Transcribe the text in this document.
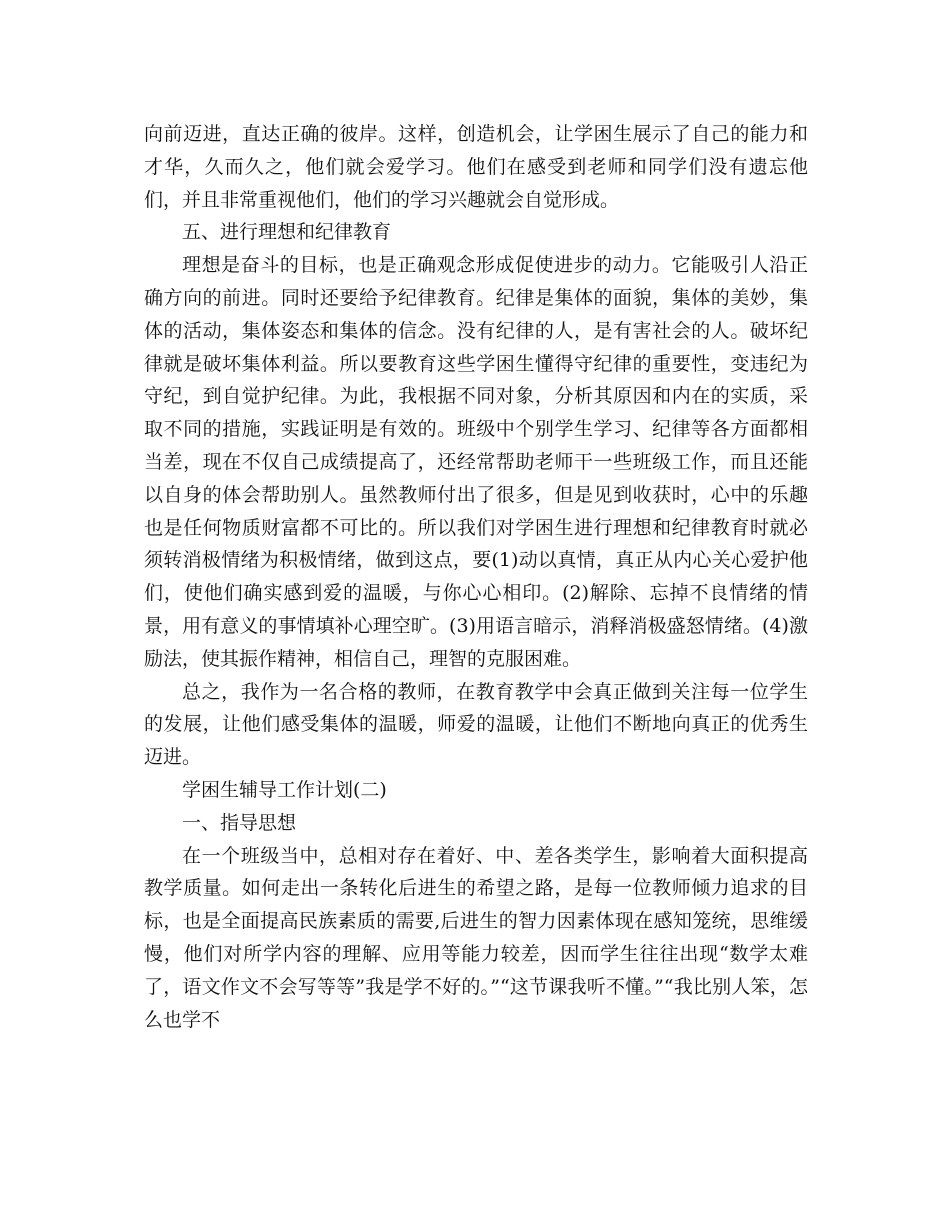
向前迈进，直达正确的彼岸。这样，创造机会，让学困生展示了自己的能力和才华，久而久之，他们就会爱学习。他们在感受到老师和同学们没有遗忘他们，并且非常重视他们，他们的学习兴趣就会自觉形成。

五、进行理想和纪律教育

理想是奋斗的目标，也是正确观念形成促使进步的动力。它能吸引人沿正确方向的前进。同时还要给予纪律教育。纪律是集体的面貌，集体的美妙，集体的活动，集体姿态和集体的信念。没有纪律的人，是有害社会的人。破坏纪律就是破坏集体利益。所以要教育这些学困生懂得守纪律的重要性，变违纪为守纪，到自觉护纪律。为此，我根据不同对象，分析其原因和内在的实质，采取不同的措施，实践证明是有效的。班级中个别学生学习、纪律等各方面都相当差，现在不仅自己成绩提高了，还经常帮助老师干一些班级工作，而且还能以自身的体会帮助别人。虽然教师付出了很多，但是见到收获时，心中的乐趣也是任何物质财富都不可比的。所以我们对学困生进行理想和纪律教育时就必须转消极情绪为积极情绪，做到这点，要(1)动以真情，真正从内心关心爱护他们，使他们确实感到爱的温暖，与你心心相印。(2)解除、忘掉不良情绪的情景，用有意义的事情填补心理空旷。(3)用语言暗示，消释消极盛怒情绪。(4)激励法，使其振作精神，相信自己，理智的克服困难。

总之，我作为一名合格的教师，在教育教学中会真正做到关注每一位学生的发展，让他们感受集体的温暖，师爱的温暖，让他们不断地向真正的优秀生迈进。

学困生辅导工作计划(二)

一、指导思想

在一个班级当中，总相对存在着好、中、差各类学生，影响着大面积提高教学质量。如何走出一条转化后进生的希望之路，是每一位教师倾力追求的目标，也是全面提高民族素质的需要,后进生的智力因素体现在感知笼统，思维缓慢，他们对所学内容的理解、应用等能力较差，因而学生往往出现“数学太难了，语文作文不会写等等”我是学不好的。”“这节课我听不懂。”“我比别人笨，怎么也学不
